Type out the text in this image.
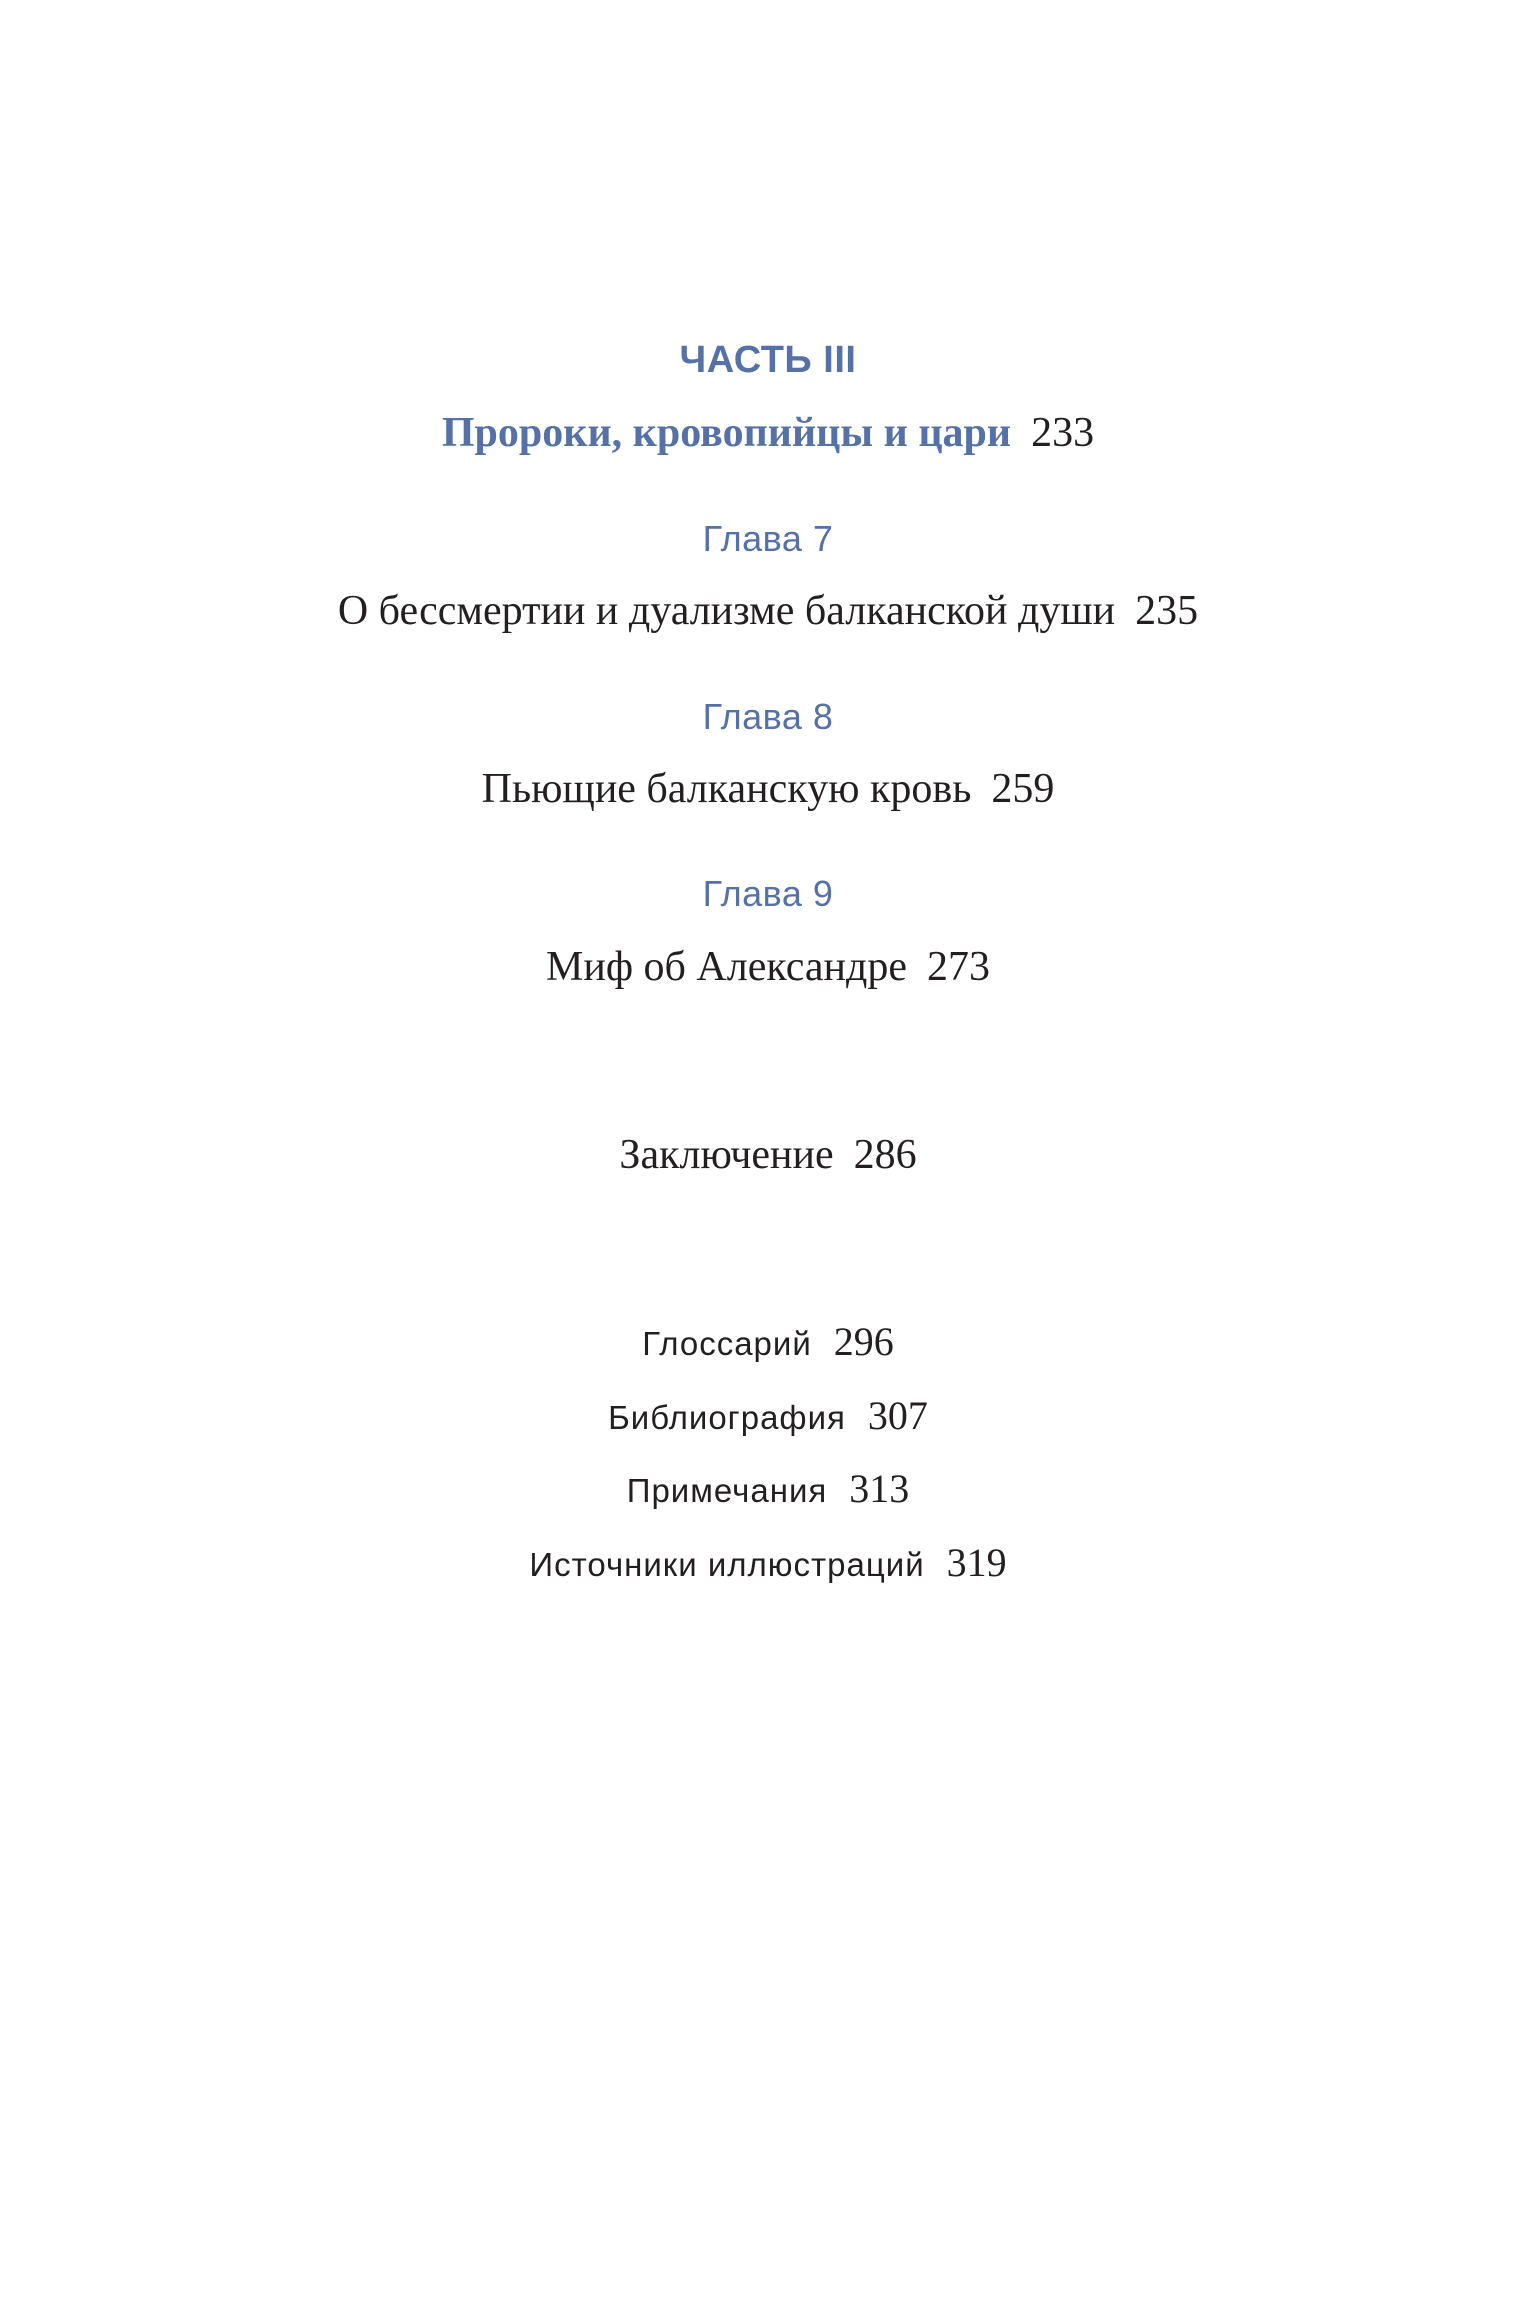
ЧАСТЬ III
Пророки, кровопийцы и цари 233
Глава 7
О бессмертии и дуализме балканской души 235
Глава 8
Пьющие балканскую кровь 259
Глава 9
Миф об Александре 273
Заключение 286
Глоссарий 296
Библиография 307
Примечания 313
Источники иллюстраций 319
